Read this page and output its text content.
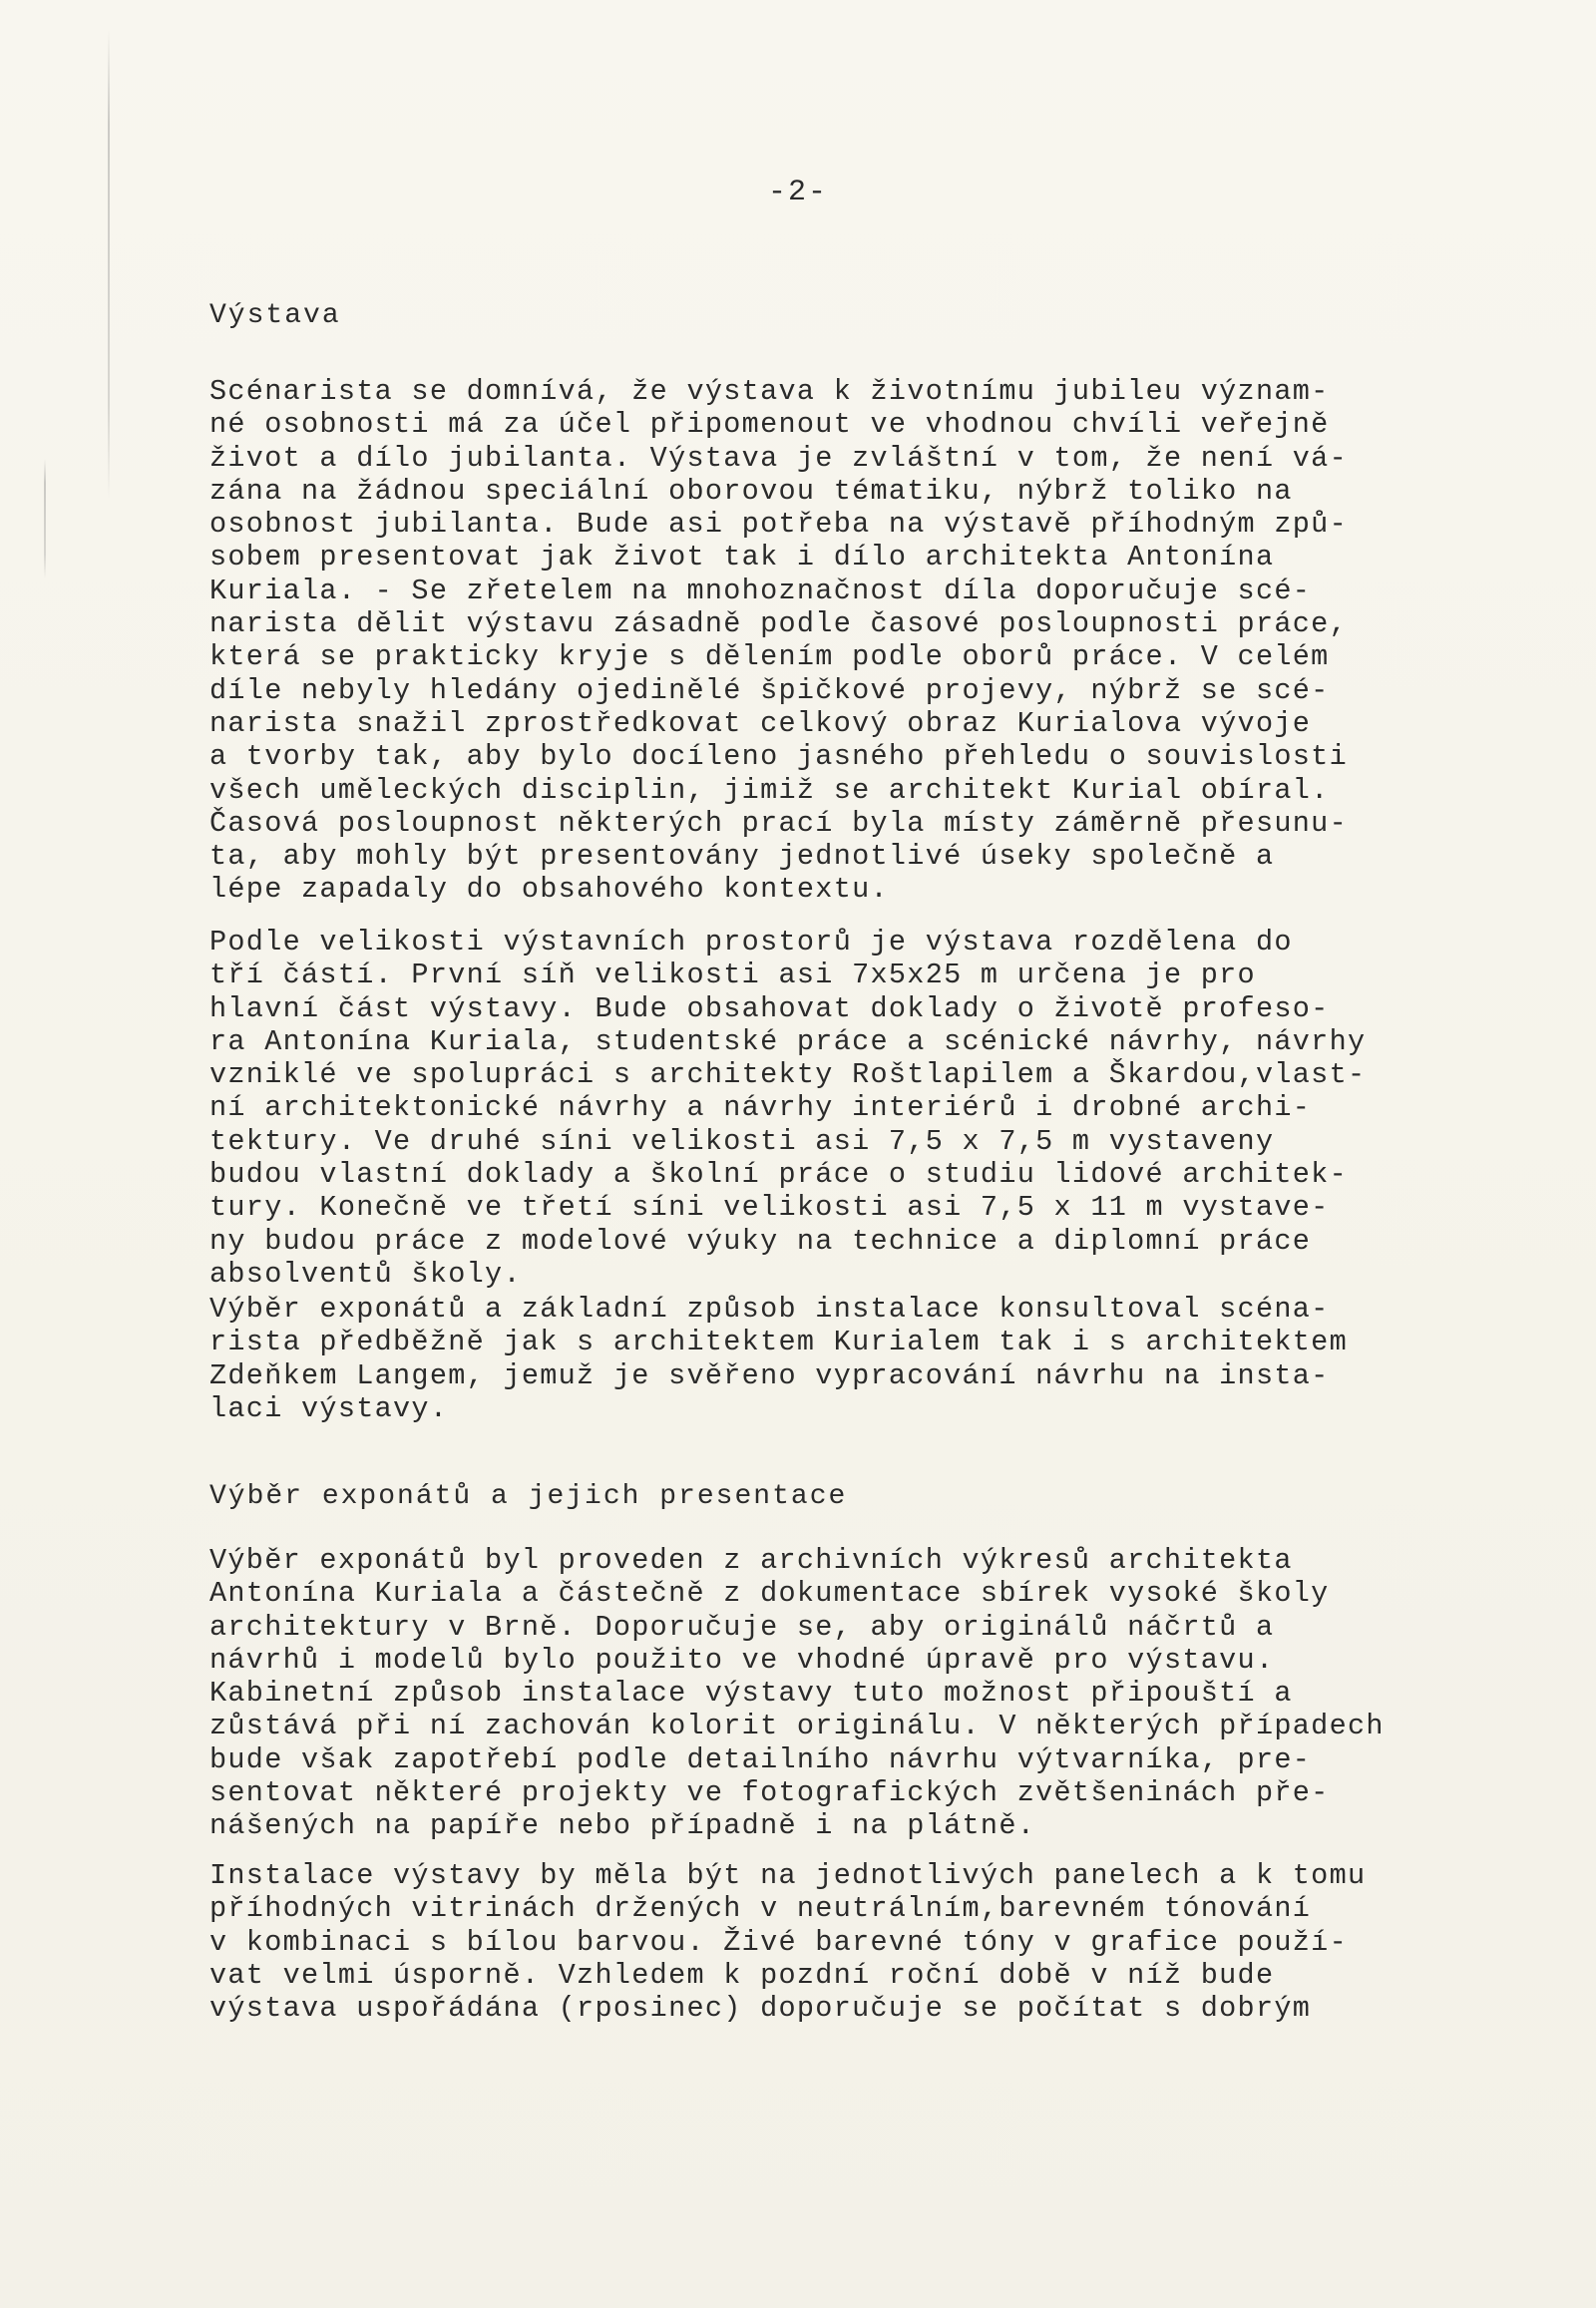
-2-
Výstava
Scénarista se domnívá, že výstava k životnímu jubileu význam-
né osobnosti má za účel připomenout ve vhodnou chvíli veřejně
život a dílo jubilanta. Výstava je zvláštní v tom, že není vá-
zána na žádnou speciální oborovou tématiku, nýbrž toliko na
osobnost jubilanta. Bude asi potřeba na výstavě příhodným způ-
sobem presentovat jak život tak i dílo architekta Antonína
Kuriala. - Se zřetelem na mnohoznačnost díla doporučuje scé-
narista dělit výstavu zásadně podle časové posloupnosti práce,
která se prakticky kryje s dělením podle oborů práce. V celém
díle nebyly hledány ojedinělé špičkové projevy, nýbrž se scé-
narista snažil zprostředkovat celkový obraz Kurialova vývoje
a tvorby tak, aby bylo docíleno jasného přehledu o souvislosti
všech uměleckých disciplin, jimiž se architekt Kurial obíral.
Časová posloupnost některých prací byla místy záměrně přesunu-
ta, aby mohly být presentovány jednotlivé úseky společně a
lépe zapadaly do obsahového kontextu.
Podle velikosti výstavních prostorů je výstava rozdělena do
tří částí. První síň velikosti asi 7x5x25 m určena je pro
hlavní část výstavy. Bude obsahovat doklady o životě profeso-
ra Antonína Kuriala, studentské práce a scénické návrhy, návrhy
vzniklé ve spolupráci s architekty Roštlapilem a Škardou,vlast-
ní architektonické návrhy a návrhy interiérů i drobné archi-
tektury. Ve druhé síni velikosti asi 7,5 x 7,5 m vystaveny
budou vlastní doklady a školní práce o studiu lidové architek-
tury. Konečně ve třetí síni velikosti asi 7,5 x 11 m vystave-
ny budou práce z modelové výuky na technice a diplomní práce
absolventů školy.
Výběr exponátů a základní způsob instalace konsultoval scéna-
rista předběžně jak s architektem Kurialem tak i s architektem
Zdeňkem Langem, jemuž je svěřeno vypracování návrhu na insta-
laci výstavy.
Výběr exponátů a jejich presentace
Výběr exponátů byl proveden z archivních výkresů architekta
Antonína Kuriala a částečně z dokumentace sbírek vysoké školy
architektury v Brně. Doporučuje se, aby originálů náčrtů a
návrhů i modelů bylo použito ve vhodné úpravě pro výstavu.
Kabinetní způsob instalace výstavy tuto možnost připouští a
zůstává při ní zachován kolorit originálu. V některých případech
bude však zapotřebí podle detailního návrhu výtvarníka, pre-
sentovat některé projekty ve fotografických zvětšeninách pře-
nášených na papíře nebo případně i na plátně.
Instalace výstavy by měla být na jednotlivých panelech a k tomu
příhodných vitrinách držených v neutrálním,barevném tónování
v kombinaci s bílou barvou. Živé barevné tóny v grafice použí-
vat velmi úsporně. Vzhledem k pozdní roční době v níž bude
výstava uspořádána (rposinec) doporučuje se počítat s dobrým
